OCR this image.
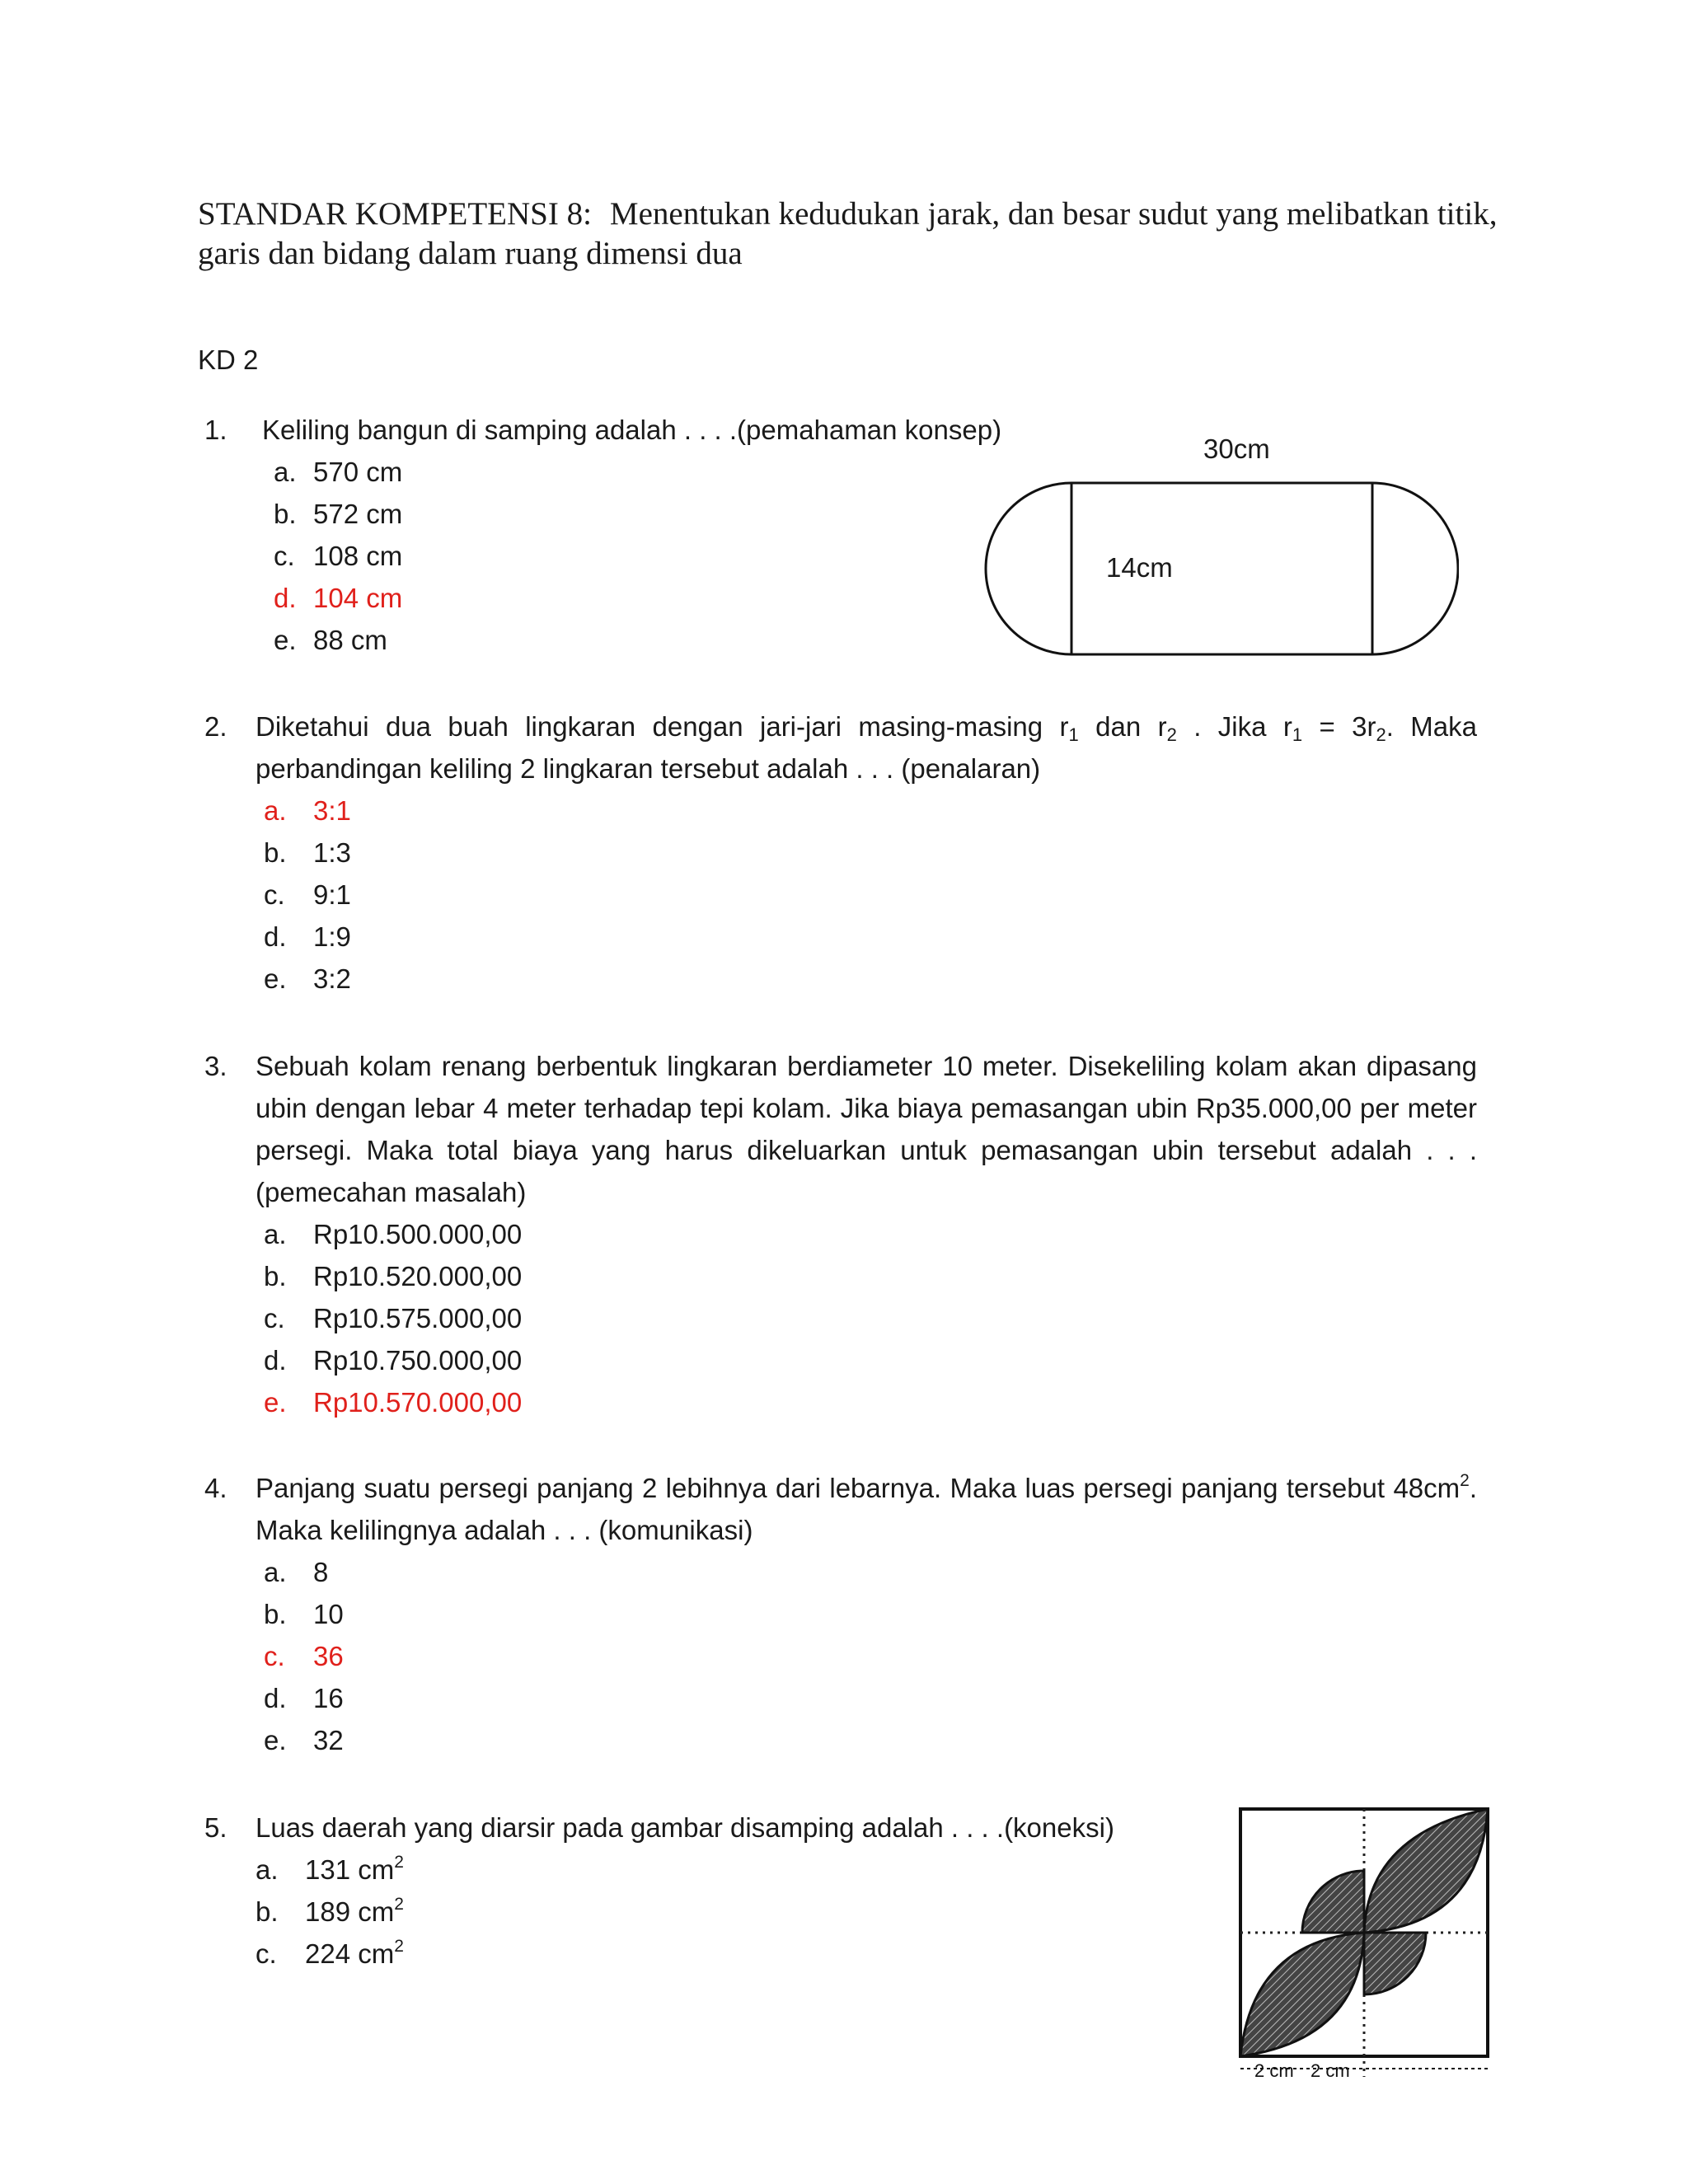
STANDAR KOMPETENSI 8: Menentukan kedudukan jarak, dan besar sudut yang melibatkan titik, garis dan bidang dalam ruang dimensi dua
KD 2
1.	Keliling bangun di samping adalah . . . .(pemahaman konsep)
a. 570 cm
b. 572 cm
c. 108 cm
d. 104 cm
e. 88 cm
30cm
14cm
2.	Diketahui dua buah lingkaran dengan jari-jari masing-masing $r_1$ dan $r_2$ . Jika $r_1 = 3r_2$. Maka perbandingan keliling 2 lingkaran tersebut adalah . . . (penalaran)
a. 3:1
b. 1:3
c. 9:1
d. 1:9
e. 3:2
3.	Sebuah kolam renang berbentuk lingkaran berdiameter 10 meter. Disekeliling kolam akan dipasang ubin dengan lebar 4 meter terhadap tepi kolam. Jika biaya pemasangan ubin Rp35.000,00 per meter persegi. Maka total biaya yang harus dikeluarkan untuk pemasangan ubin tersebut adalah . . . (pemecahan masalah)
a. Rp10.500.000,00
b. Rp10.520.000,00
c. Rp10.575.000,00
d. Rp10.750.000,00
e. Rp10.570.000,00
4.	Panjang suatu persegi panjang 2 lebihnya dari lebarnya. Maka luas persegi panjang tersebut $48cm^2$. Maka kelilingnya adalah . . . (komunikasi)
a. 8
b. 10
c. 36
d. 16
e. 32
5.	Luas daerah yang diarsir pada gambar disamping adalah . . . .(koneksi)
a. 131 $cm^2$
b. 189 $cm^2$
c. 224 $cm^2$
2 cm 2 cm
